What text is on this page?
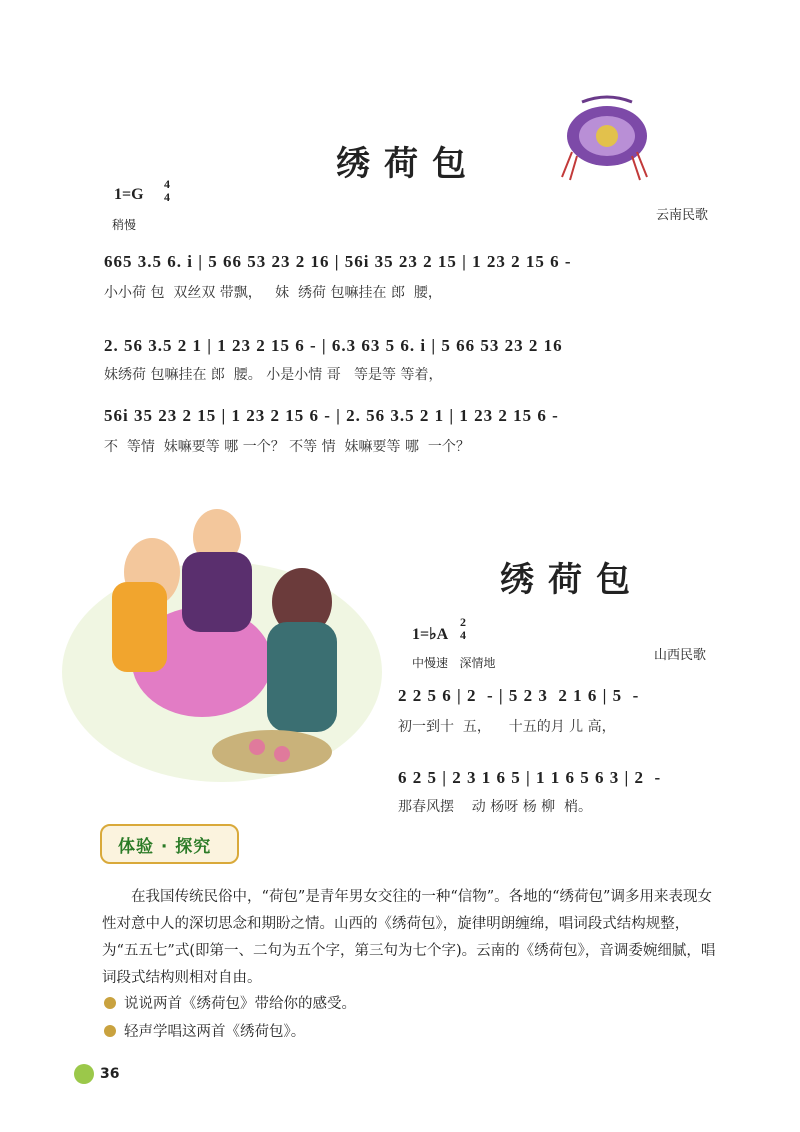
绣荷包
1=G
4
4
稍慢
云南民歌
665 3.5 6. i | 5 66 53 23 2 16 | 56i 35 23 2 15 | 1 23 2 15 6 -
小小荷 包  双丝双 带飘，   妹  绣荷 包嘛挂在 郎  腰，
2. 56 3.5 2 1 | 1 23 2 15 6 - | 6.3 63 5 6. i | 5 66 53 23 2 16
妹绣荷 包嘛挂在 郎  腰。 小是小情 哥   等是等 等着，
56i 35 23 2 15 | 1 23 2 15 6 - | 2. 56 3.5 2 1 | 1 23 2 15 6 -
不  等情  妹嘛要等 哪 一个？ 不等 情  妹嘛要等 哪  一个？
绣荷包
1=♭A
2
4
中慢速   深情地	山西民歌
2 2 5 6 | 2  - | 5 2 3  2 1 6 | 5  -
初一到十  五，    十五的月 儿 高，
6 2 5 | 2 3 1 6 5 | 1 1 6 5 6 3 | 2  -
那春风摆    动 杨呀 杨 柳  梢。
体验 · 探究
在我国传统民俗中，“荷包”是青年男女交往的一种“信物”。各地的“绣荷包”调多用来表现女性对意中人的深切思念和期盼之情。山西的《绣荷包》，旋律明朗缠绵，唱词段式结构规整，为“五五七”式(即第一、二句为五个字，第三句为七个字)。云南的《绣荷包》，音调委婉细腻，唱词段式结构则相对自由。
说说两首《绣荷包》带给你的感受。
轻声学唱这两首《绣荷包》。
36
